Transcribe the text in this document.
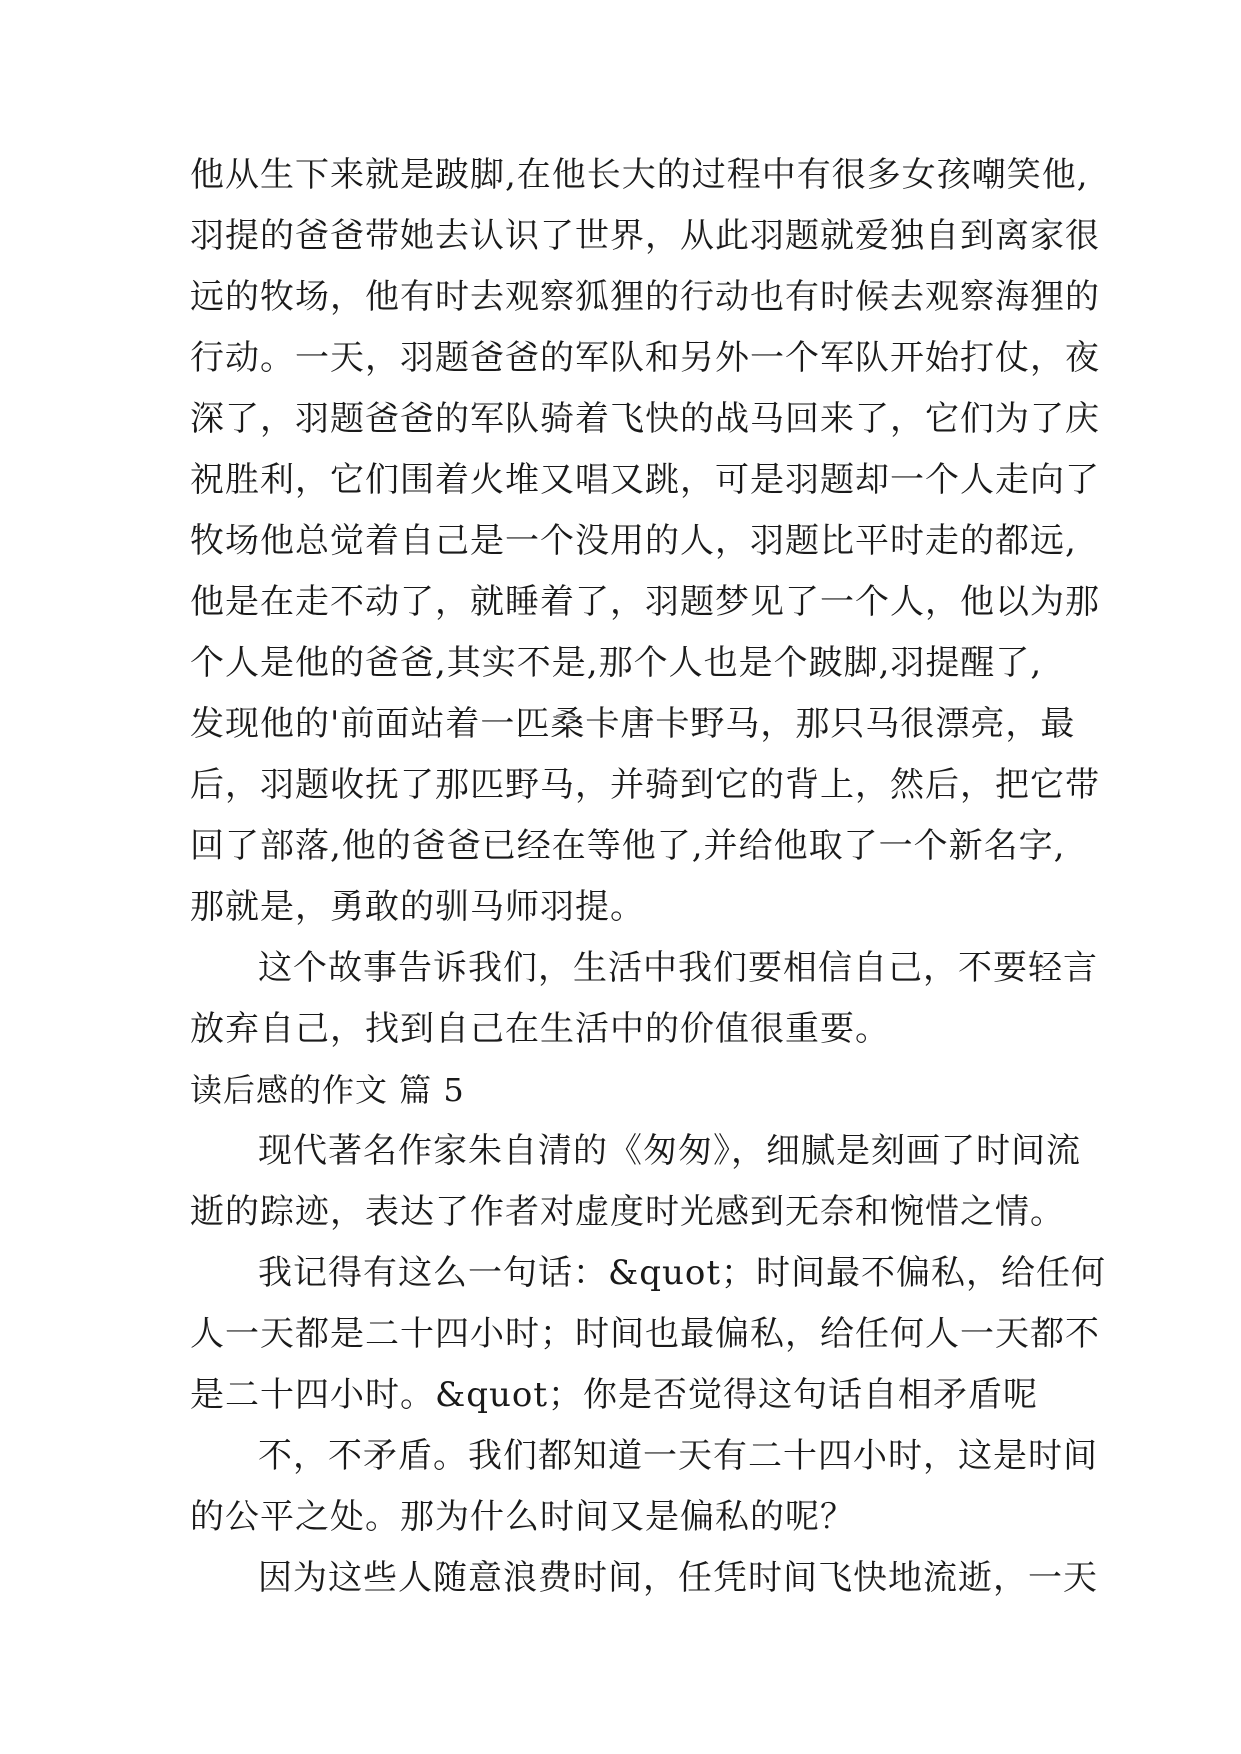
他从生下来就是跛脚,在他长大的过程中有很多女孩嘲笑他,
羽提的爸爸带她去认识了世界，从此羽题就爱独自到离家很
远的牧场，他有时去观察狐狸的行动也有时候去观察海狸的
行动。一天，羽题爸爸的军队和另外一个军队开始打仗，夜
深了，羽题爸爸的军队骑着飞快的战马回来了，它们为了庆
祝胜利，它们围着火堆又唱又跳，可是羽题却一个人走向了
牧场他总觉着自己是一个没用的人，羽题比平时走的都远,
他是在走不动了，就睡着了，羽题梦见了一个人，他以为那
个人是他的爸爸,其实不是,那个人也是个跛脚,羽提醒了,
发现他的'前面站着一匹桑卡唐卡野马，那只马很漂亮，最
后，羽题收抚了那匹野马，并骑到它的背上，然后，把它带
回了部落,他的爸爸已经在等他了,并给他取了一个新名字,
那就是，勇敢的驯马师羽提。
这个故事告诉我们，生活中我们要相信自己，不要轻言
放弃自己，找到自己在生活中的价值很重要。
读后感的作文 篇 5
现代著名作家朱自清的《匆匆》，细腻是刻画了时间流
逝的踪迹，表达了作者对虚度时光感到无奈和惋惜之情。
我记得有这么一句话：&quot；时间最不偏私，给任何
人一天都是二十四小时；时间也最偏私，给任何人一天都不
是二十四小时。&quot；你是否觉得这句话自相矛盾呢
不，不矛盾。我们都知道一天有二十四小时，这是时间
的公平之处。那为什么时间又是偏私的呢？
因为这些人随意浪费时间，任凭时间飞快地流逝，一天
